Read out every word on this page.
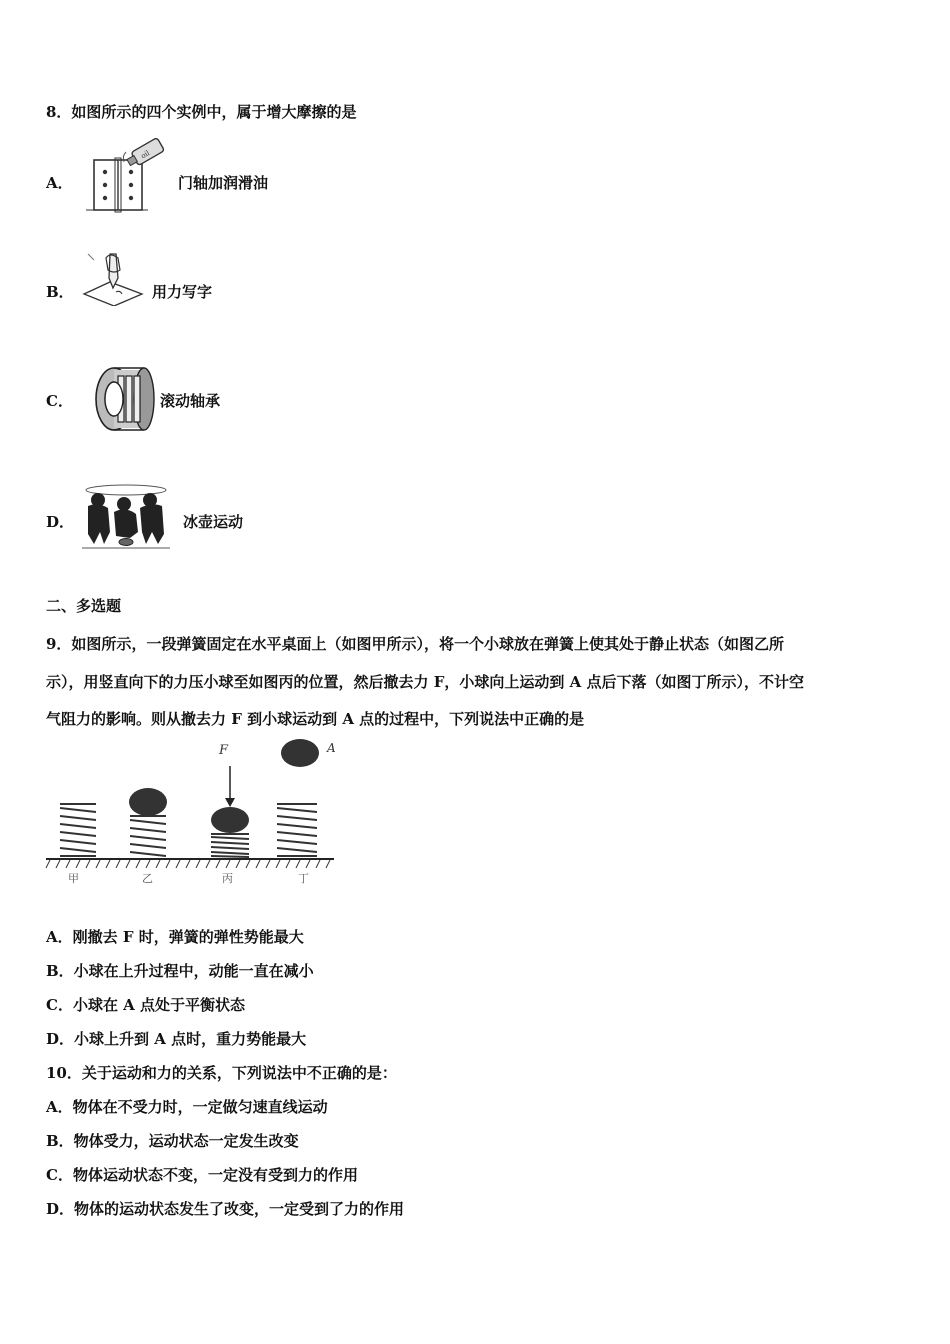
8．如图所示的四个实例中，属于增大摩擦的是
A．
oil
门轴加润滑油
B．	用力写字
C．	滚动轴承
D．	冰壶运动
二、多选题
9．如图所示，一段弹簧固定在水平桌面上（如图甲所示），将一个小球放在弹簧上使其处于静止状态（如图乙所
示），用竖直向下的力压小球至如图丙的位置，然后撤去力 F，小球向上运动到 A 点后下落（如图丁所示），不计空
气阻力的影响。则从撤去力 F 到小球运动到 A 点的过程中，下列说法中正确的是
F	A
甲	乙	丙	丁
A．刚撤去 F 时，弹簧的弹性势能最大
B．小球在上升过程中，动能一直在减小
C．小球在 A 点处于平衡状态
D．小球上升到 A 点时，重力势能最大
10．关于运动和力的关系，下列说法中不正确的是：
A．物体在不受力时，一定做匀速直线运动
B．物体受力，运动状态一定发生改变
C．物体运动状态不变，一定没有受到力的作用
D．物体的运动状态发生了改变，一定受到了力的作用
